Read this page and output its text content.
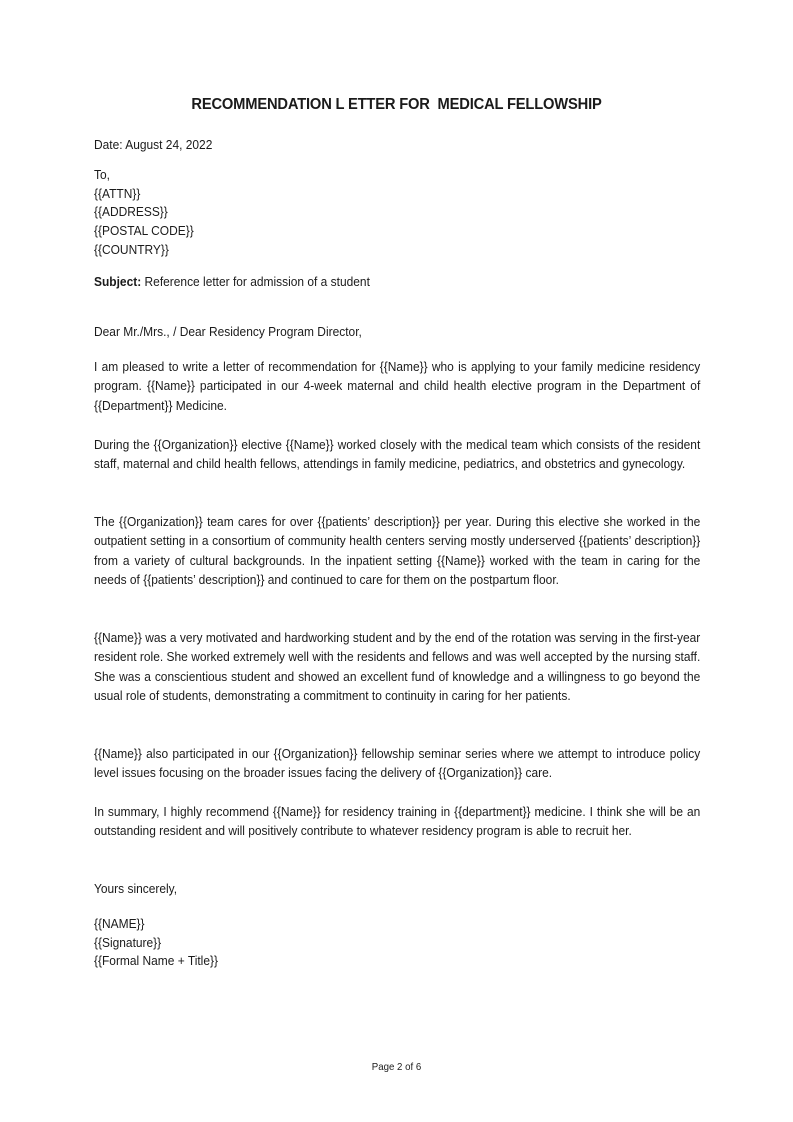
RECOMMENDATION L ETTER FOR  MEDICAL FELLOWSHIP
Date: August 24, 2022
To,
{{ATTN}}
{{ADDRESS}}
{{POSTAL CODE}}
{{COUNTRY}}
Subject: Reference letter for admission of a student
Dear Mr./Mrs., / Dear Residency Program Director,

I am pleased to write a letter of recommendation for {{Name}} who is applying to your family medicine residency program. {{Name}} participated in our 4-week maternal and child health elective program in the Department of {{Department}} Medicine.

During the {{Organization}} elective {{Name}} worked closely with the medical team which consists of the resident staff, maternal and child health fellows, attendings in family medicine, pediatrics, and obstetrics and gynecology.

The {{Organization}} team cares for over {{patients’ description}} per year. During this elective she worked in the outpatient setting in a consortium of community health centers serving mostly underserved {{patients’ description}} from a variety of cultural backgrounds. In the inpatient setting {{Name}} worked with the team in caring for the needs of {{patients’ description}} and continued to care for them on the postpartum floor.

{{Name}} was a very motivated and hardworking student and by the end of the rotation was serving in the first-year resident role. She worked extremely well with the residents and fellows and was well accepted by the nursing staff. She was a conscientious student and showed an excellent fund of knowledge and a willingness to go beyond the usual role of students, demonstrating a commitment to continuity in caring for her patients.

{{Name}} also participated in our {{Organization}} fellowship seminar series where we attempt to introduce policy level issues focusing on the broader issues facing the delivery of {{Organization}} care.

In summary, I highly recommend {{Name}} for residency training in {{department}} medicine. I think she will be an outstanding resident and will positively contribute to whatever residency program is able to recruit her.

Yours sincerely,
{{NAME}}
{{Signature}}
{{Formal Name + Title}}
Page 2 of 6
